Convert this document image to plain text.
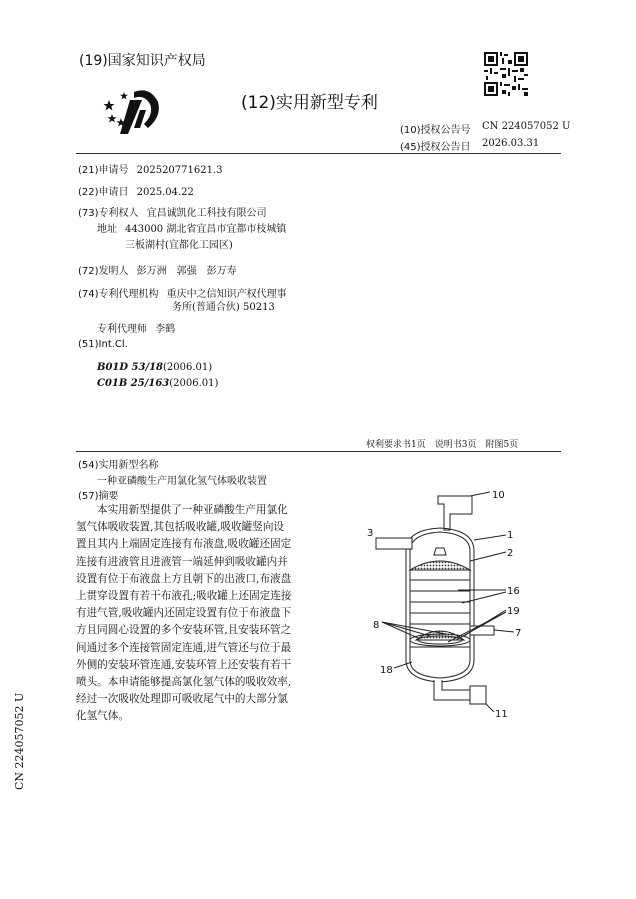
(19)国家知识产权局
(12)实用新型专利
(10)授权公告号 CN 224057052 U
(45)授权公告日 2026.03.31
(21)申请号 202520771621.3
(22)申请日 2025.04.22
(73)专利权人 宜昌诚凯化工科技有限公司
地址 443000 湖北省宜昌市宜都市枝城镇
三板湖村(宜都化工园区)
(72)发明人 彭万洲　郭强　彭万寿
(74)专利代理机构 重庆中之信知识产权代理事
务所(普通合伙) 50213
专利代理师 李鹤
(51)Int.Cl.
B01D 53/18(2006.01)
C01B 25/163(2006.01)
权利要求书1页　说明书3页　附图5页
(54)实用新型名称
一种亚磷酸生产用氯化氢气体吸收装置
(57)摘要

本实用新型提供了一种亚磷酸生产用氯化

氢气体吸收装置,其包括吸收罐,吸收罐竖向设

置且其内上端固定连接有布液盘,吸收罐还固定

连接有进液管且进液管一端延伸到吸收罐内并

设置有位于布液盘上方且朝下的出液口,布液盘

上贯穿设置有若干布液孔;吸收罐上还固定连接

有进气管,吸收罐内还固定设置有位于布液盘下

方且同圆心设置的多个安装环管,且安装环管之

间通过多个连接管固定连通,进气管还与位于最

外侧的安装环管连通,安装环管上还安装有若干

喷头。本申请能够提高氯化氢气体的吸收效率,

经过一次吸收处理即可吸收尾气中的大部分氯

化氢气体。

CN 224057052 U
10
1
3
2
16
19
8
7
18
11
